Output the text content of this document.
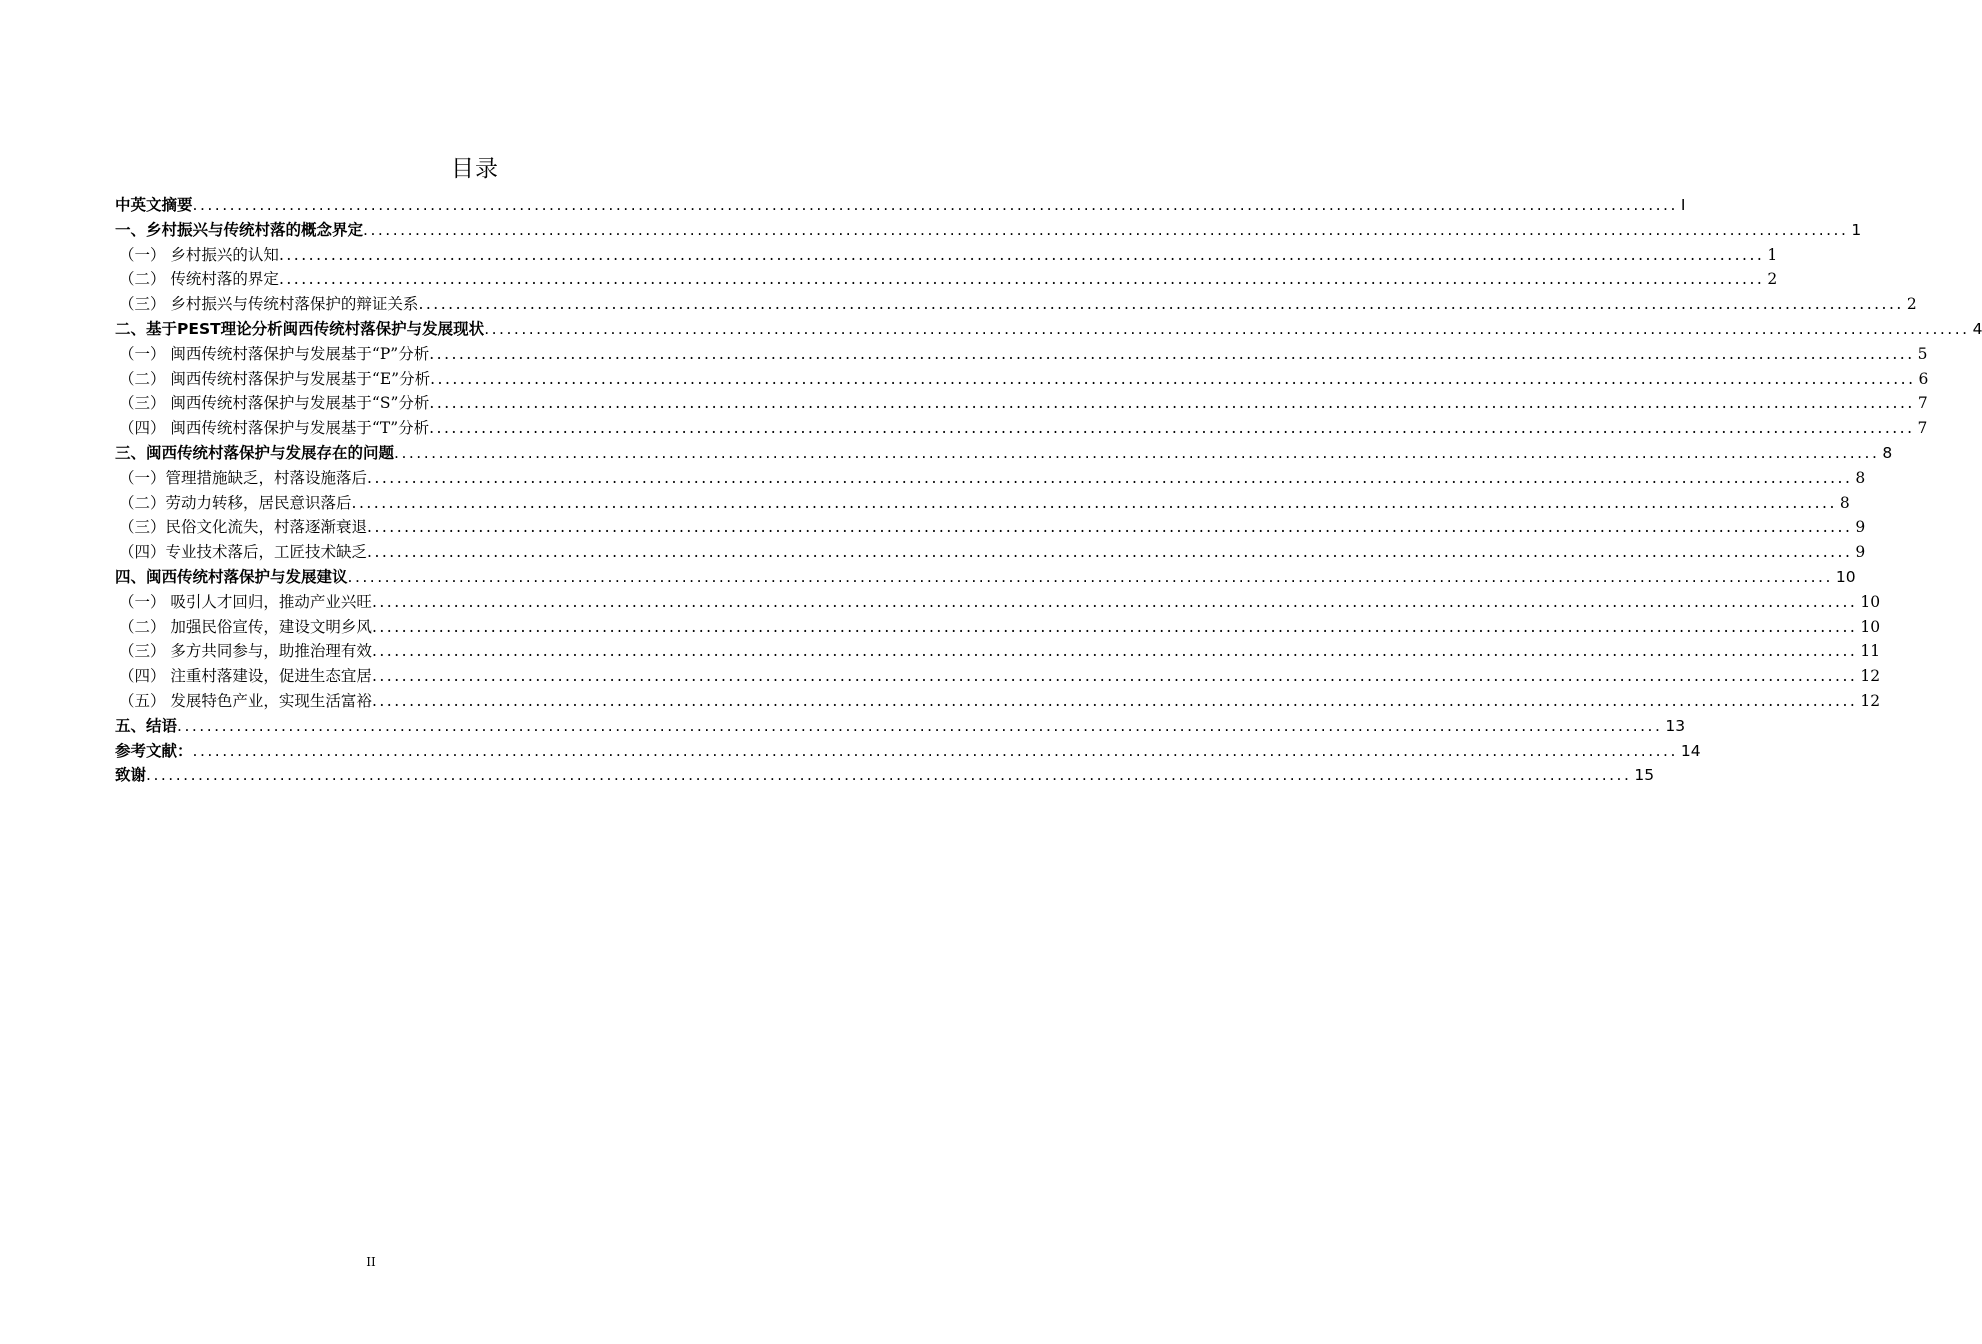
目录
中英文摘要 ........................................................................................................................................................................................................ I
一、乡村振兴与传统村落的概念界定 ........................................................................................................................................................................................................ 1
（一） 乡村振兴的认知 ........................................................................................................................................................................................................ 1
（二） 传统村落的界定 ........................................................................................................................................................................................................ 2
（三） 乡村振兴与传统村落保护的辩证关系 ........................................................................................................................................................................................................ 2
二、基于PEST理论分析闽西传统村落保护与发展现状 ........................................................................................................................................................................................................ 4
（一） 闽西传统村落保护与发展基于“P”分析 ........................................................................................................................................................................................................ 5
（二） 闽西传统村落保护与发展基于“E”分析 ........................................................................................................................................................................................................ 6
（三） 闽西传统村落保护与发展基于“S”分析 ........................................................................................................................................................................................................ 7
（四） 闽西传统村落保护与发展基于“T”分析 ........................................................................................................................................................................................................ 7
三、闽西传统村落保护与发展存在的问题 ........................................................................................................................................................................................................ 8
（一）管理措施缺乏，村落设施落后 ........................................................................................................................................................................................................ 8
（二）劳动力转移，居民意识落后 ........................................................................................................................................................................................................ 8
（三）民俗文化流失，村落逐渐衰退 ........................................................................................................................................................................................................ 9
（四）专业技术落后，工匠技术缺乏 ........................................................................................................................................................................................................ 9
四、闽西传统村落保护与发展建议 ........................................................................................................................................................................................................ 10
（一） 吸引人才回归，推动产业兴旺 ........................................................................................................................................................................................................ 10
（二） 加强民俗宣传，建设文明乡风 ........................................................................................................................................................................................................ 10
（三） 多方共同参与，助推治理有效 ........................................................................................................................................................................................................ 11
（四） 注重村落建设，促进生态宜居 ........................................................................................................................................................................................................ 12
（五） 发展特色产业，实现生活富裕 ........................................................................................................................................................................................................ 12
五、结语 ........................................................................................................................................................................................................ 13
参考文献： ........................................................................................................................................................................................................ 14
致谢 ........................................................................................................................................................................................................ 15
II
